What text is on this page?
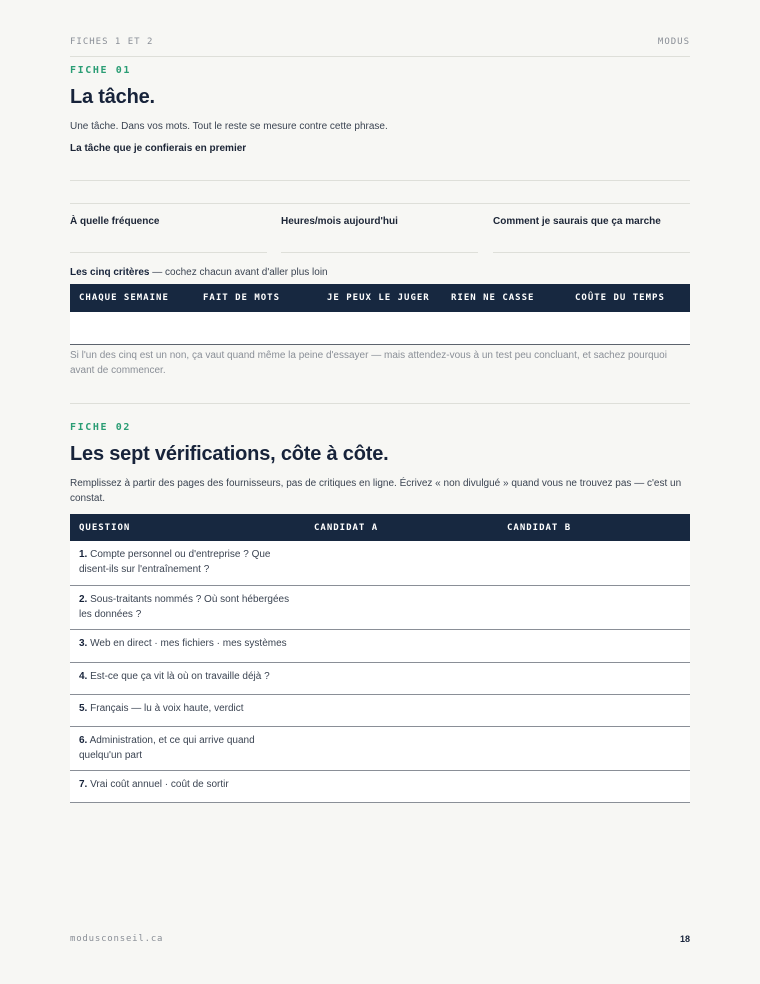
FICHES 1 ET 2	MODUS
FICHE 01
La tâche.
Une tâche. Dans vos mots. Tout le reste se mesure contre cette phrase.
La tâche que je confierais en premier
À quelle fréquence	Heures/mois aujourd'hui	Comment je saurais que ça marche
Les cinq critères — cochez chacun avant d'aller plus loin
CHAQUE SEMAINE	FAIT DE MOTS	JE PEUX LE JUGER	RIEN NE CASSE	COÛTE DU TEMPS
Si l'un des cinq est un non, ça vaut quand même la peine d'essayer — mais attendez-vous à un test peu concluant, et sachez pourquoi avant de commencer.
FICHE 02
Les sept vérifications, côte à côte.
Remplissez à partir des pages des fournisseurs, pas de critiques en ligne. Écrivez « non divulgué » quand vous ne trouvez pas — c'est un constat.
QUESTION	CANDIDAT A	CANDIDAT B
1. Compte personnel ou d'entreprise ? Que disent-ils sur l'entraînement ?		
2. Sous-traitants nommés ? Où sont hébergées les données ?		
3. Web en direct · mes fichiers · mes systèmes		
4. Est-ce que ça vit là où on travaille déjà ?		
5. Français — lu à voix haute, verdict		
6. Administration, et ce qui arrive quand quelqu'un part		
7. Vrai coût annuel · coût de sortir		
modusconseil.ca	18
